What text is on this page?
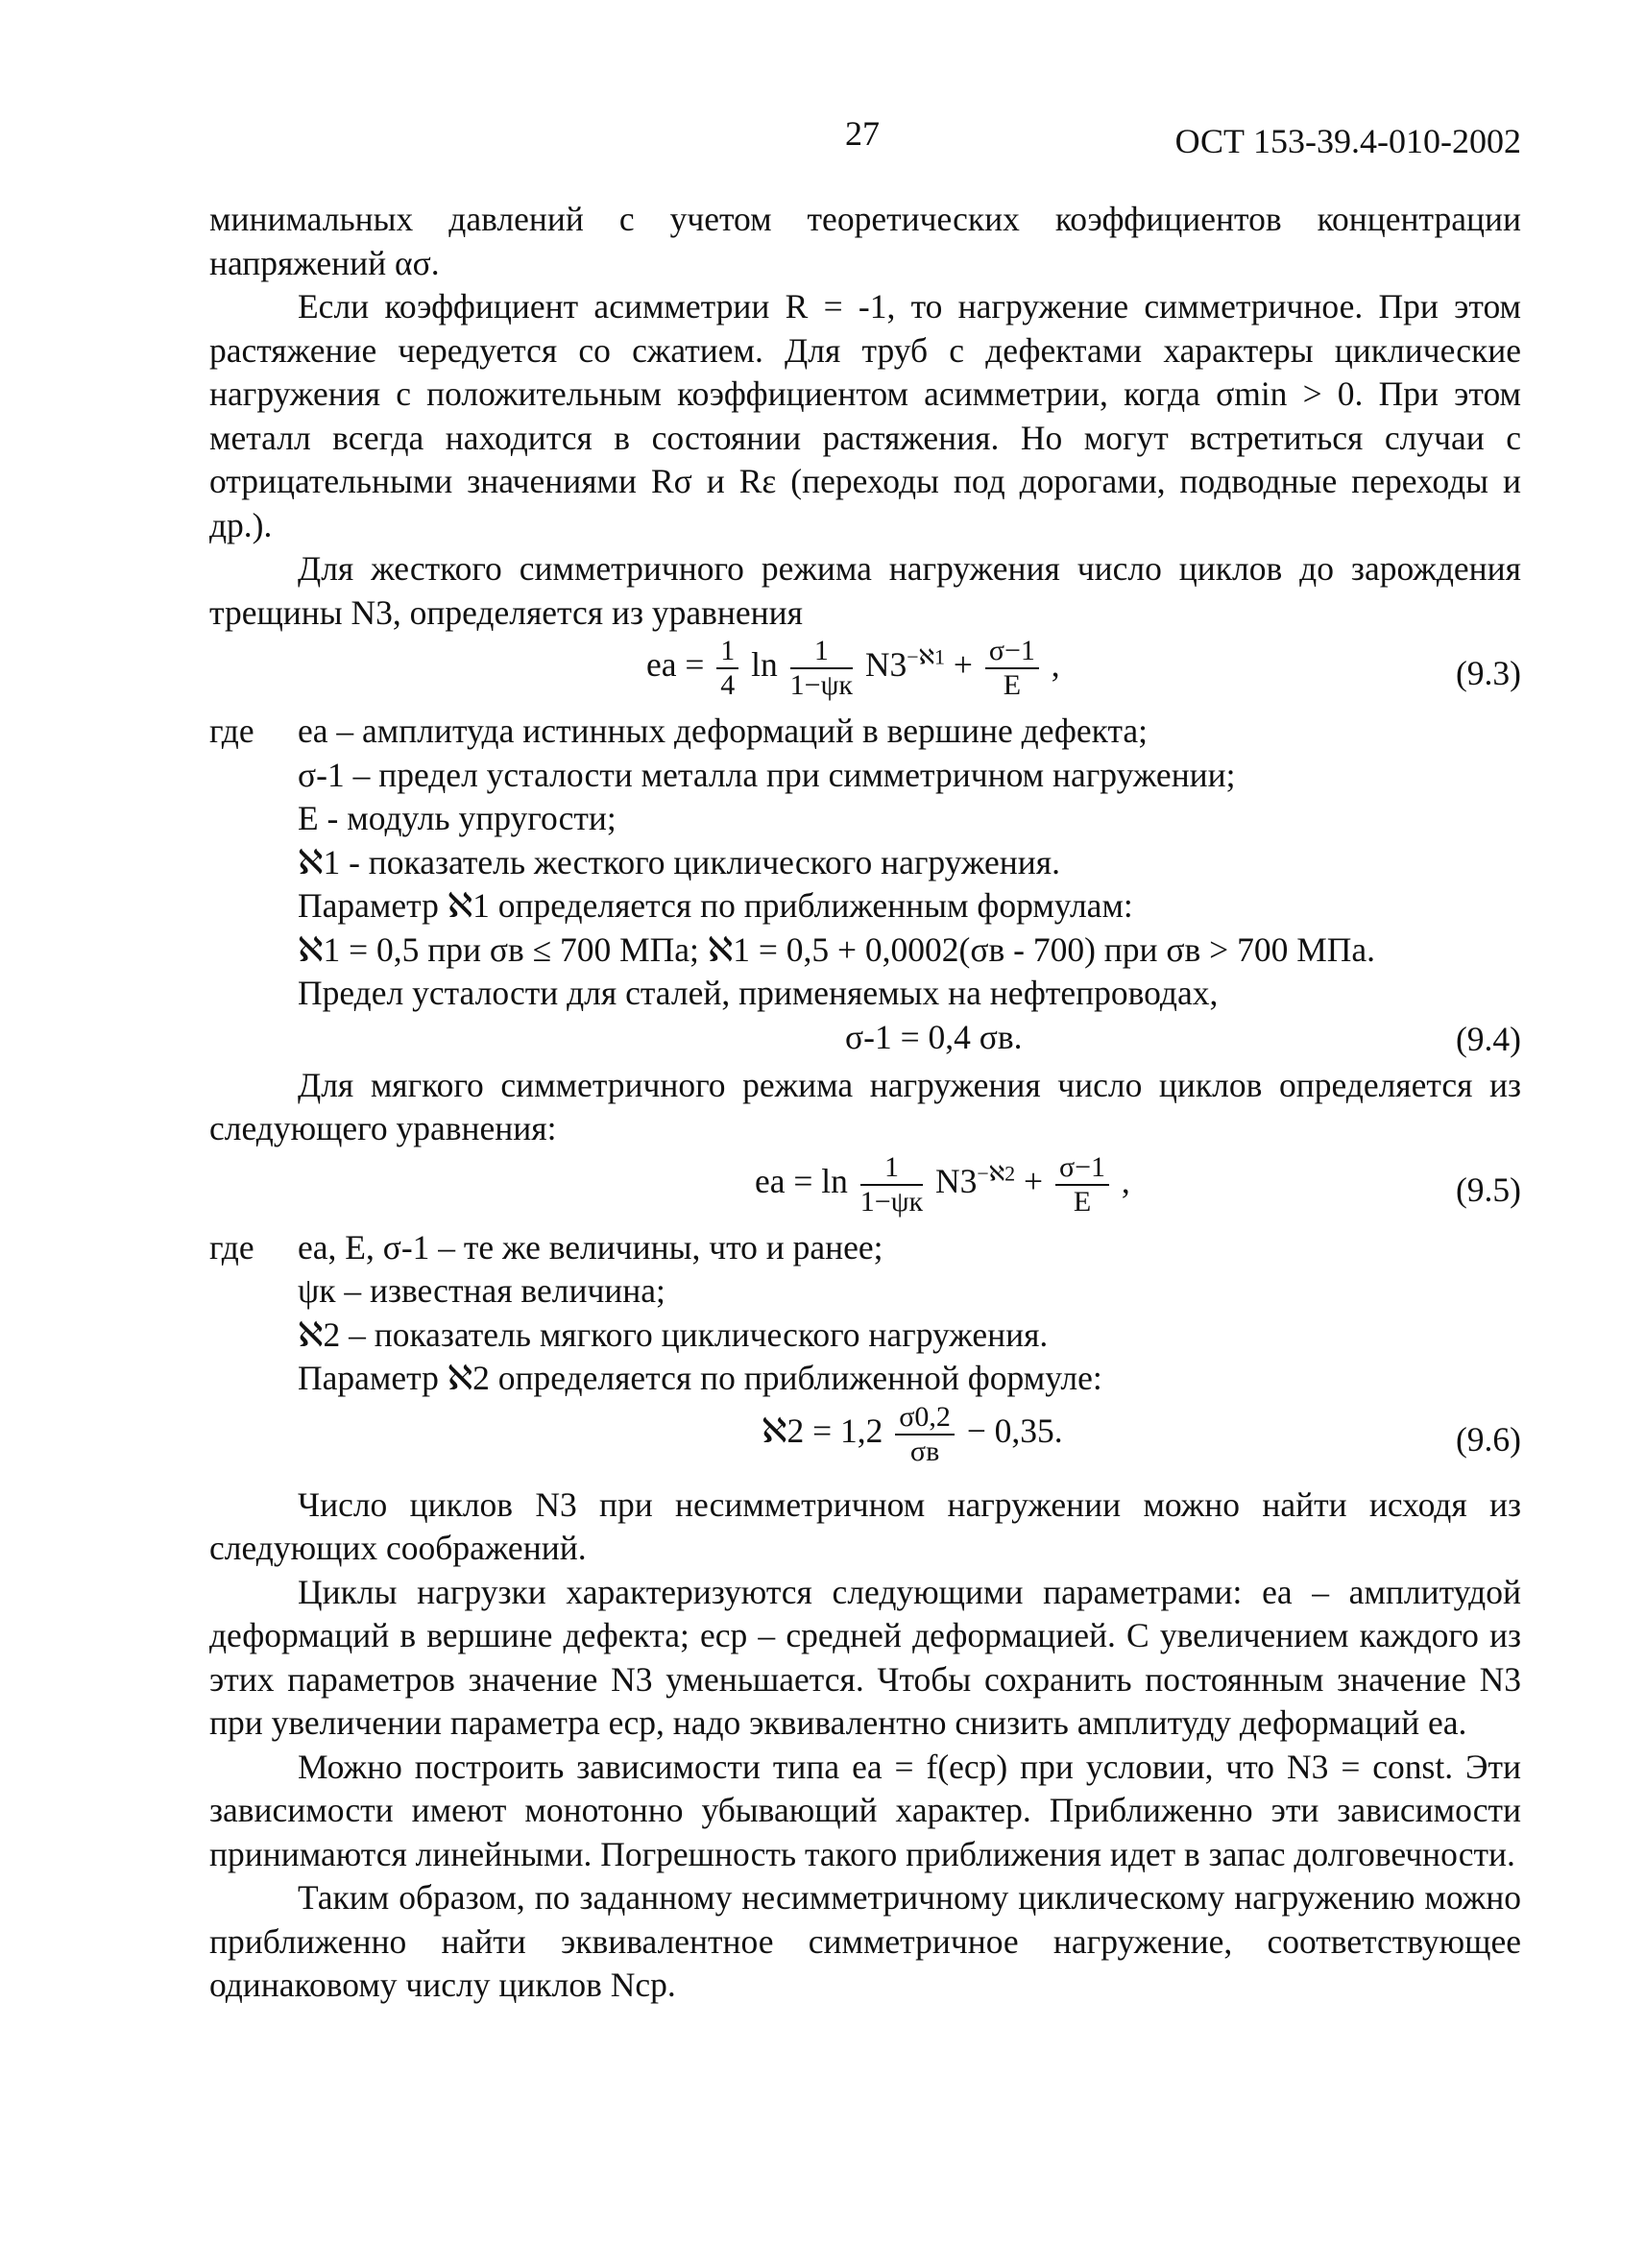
27	ОСТ 153-39.4-010-2002

минимальных давлений с учетом теоретических коэффициентов концентрации напряжений ασ.

Если коэффициент асимметрии R = -1, то нагружение симметричное. При этом растяжение чередуется со сжатием. Для труб с дефектами характеры циклические нагружения с положительным коэффициентом асимметрии, когда σmin > 0. При этом металл всегда находится в состоянии растяжения. Но могут встретиться случаи с отрицательными значениями Rσ и Rε (переходы под дорогами, подводные переходы и др.).

Для жесткого симметричного режима нагружения число циклов до зарождения трещины N3, определяется из уравнения

ea = $\frac{1}{4}$ $\ln \frac{1}{1-\psi к} N3^{-ℵ1} + \frac{\sigma-1}{E}$ ,	(9.3)
где eа – амплитуда истинных деформаций в вершине дефекта;
σ-1 – предел усталости металла при симметричном нагружении;
E - модуль упругости;
ℵ1 - показатель жесткого циклического нагружения.
Параметр ℵ1 определяется по приближенным формулам:
ℵ1 = 0,5 при σв ≤ 700 МПа; ℵ1 = 0,5 + 0,0002(σв - 700) при σв > 700 МПа.
Предел усталости для сталей, применяемых на нефтепроводах,
σ-1 = 0,4 σв.	(9.4)

Для мягкого симметричного режима нагружения число циклов определяется из следующего уравнения:

ea = $\ln \frac{1}{1-\psi к} N3^{-ℵ2} + \frac{\sigma-1}{E}$ ,	(9.5)
где ea, E, σ-1 – те же величины, что и ранее;
ψк – известная величина;
ℵ2 – показатель мягкого циклического нагружения.
Параметр ℵ2 определяется по приближенной формуле:
ℵ2 = $1,2 \frac{\sigma 0,2}{\sigma в} - 0,35$.	(9.6)

Число циклов N3 при несимметричном нагружении можно найти исходя из следующих соображений.

Циклы нагрузки характеризуются следующими параметрами: eа – амплитудой деформаций в вершине дефекта; eср – средней деформацией. С увеличением каждого из этих параметров значение N3 уменьшается. Чтобы сохранить постоянным значение N3 при увеличении параметра eср, надо эквивалентно снизить амплитуду деформаций eа.

Можно построить зависимости типа eа = f(eср) при условии, что N3 = const. Эти зависимости имеют монотонно убывающий характер. Приближенно эти зависимости принимаются линейными. Погрешность такого приближения идет в запас долговечности.

Таким образом, по заданному несимметричному циклическому нагружению можно приближенно найти эквивалентное симметричное нагружение, соответствующее одинаковому числу циклов Nср.
